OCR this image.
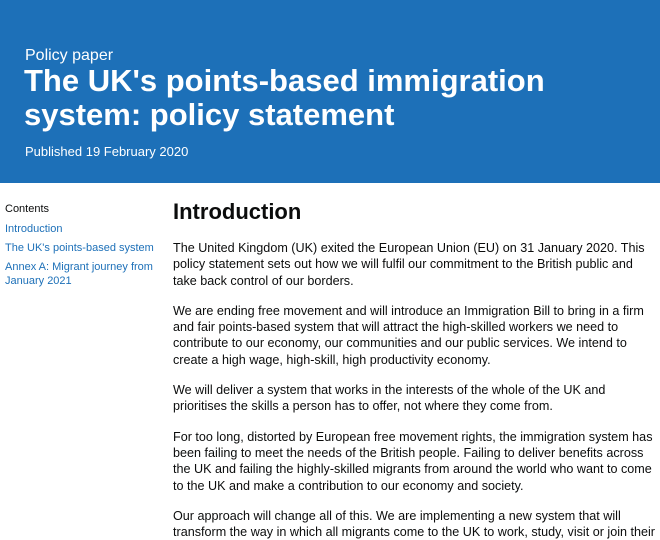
Policy paper
The UK's points-based immigration system: policy statement
Published 19 February 2020
Contents
Introduction
The UK's points-based system
Annex A: Migrant journey from January 2021
Introduction

The United Kingdom (UK) exited the European Union (EU) on 31 January 2020. This policy statement sets out how we will fulfil our commitment to the British public and take back control of our borders.

We are ending free movement and will introduce an Immigration Bill to bring in a firm and fair points-based system that will attract the high-skilled workers we need to contribute to our economy, our communities and our public services. We intend to create a high wage, high-skill, high productivity economy.

We will deliver a system that works in the interests of the whole of the UK and prioritises the skills a person has to offer, not where they come from.

For too long, distorted by European free movement rights, the immigration system has been failing to meet the needs of the British people. Failing to deliver benefits across the UK and failing the highly-skilled migrants from around the world who want to come to the UK and make a contribution to our economy and society.

Our approach will change all of this. We are implementing a new system that will transform the way in which all migrants come to the UK to work, study, visit or join their
